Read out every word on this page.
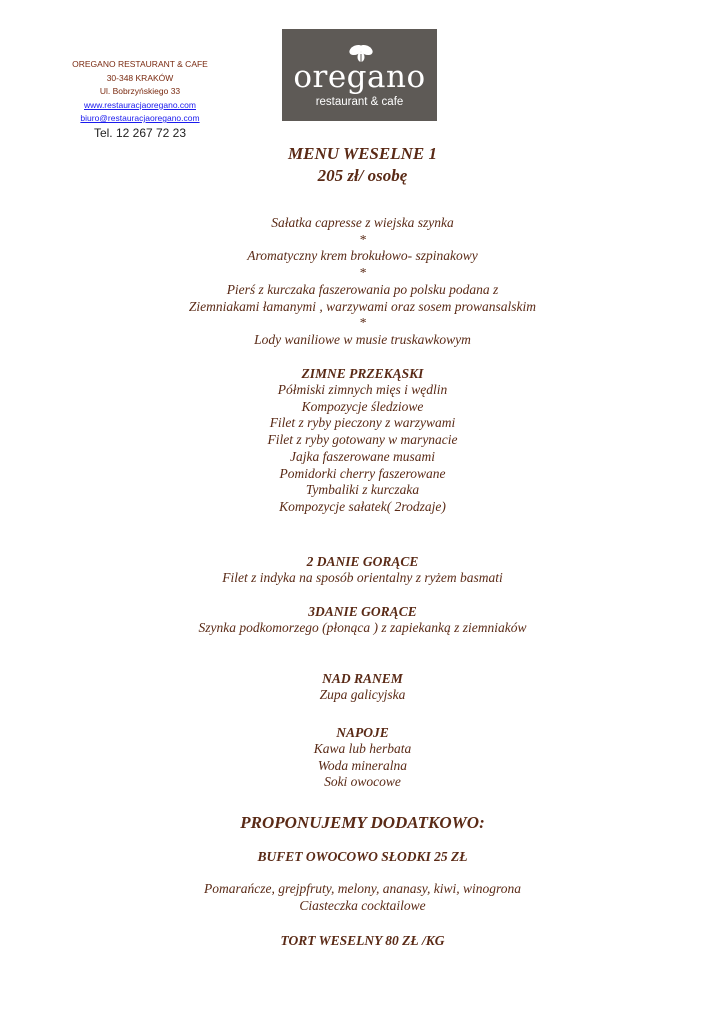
OREGANO RESTAURANT & CAFE
30-348 KRAKÓW
Ul. Bobrzyńskiego 33
www.restauracjaoregano.com
biuro@restauracjaoregano.com
Tel. 12 267 72 23
oregano
restaurant & cafe
MENU WESELNE 1
205 zł/ osobę
Sałatka capresse z wiejska szynka
*
Aromatyczny krem brokułowo- szpinakowy
*
Pierś z kurczaka faszerowania po polsku podana z
Ziemniakami łamanymi , warzywami oraz sosem prowansalskim
*
Lody waniliowe w musie truskawkowym
ZIMNE PRZEKĄSKI
Półmiski zimnych mięs i wędlin
Kompozycje śledziowe
Filet z ryby pieczony z warzywami
Filet z ryby gotowany w marynacie
Jajka faszerowane musami
Pomidorki cherry faszerowane
Tymbaliki z kurczaka
Kompozycje sałatek( 2rodzaje)
2 DANIE GORĄCE
Filet z indyka na sposób orientalny z ryżem basmati
3DANIE GORĄCE
Szynka podkomorzego (płonąca ) z zapiekanką z ziemniaków
NAD RANEM
Zupa galicyjska
NAPOJE
Kawa lub herbata
Woda mineralna
Soki owocowe
PROPONUJEMY DODATKOWO:
BUFET OWOCOWO SŁODKI 25 ZŁ
Pomarańcze, grejpfruty, melony, ananasy, kiwi, winogrona
Ciasteczka cocktailowe
TORT WESELNY 80 ZŁ /KG
